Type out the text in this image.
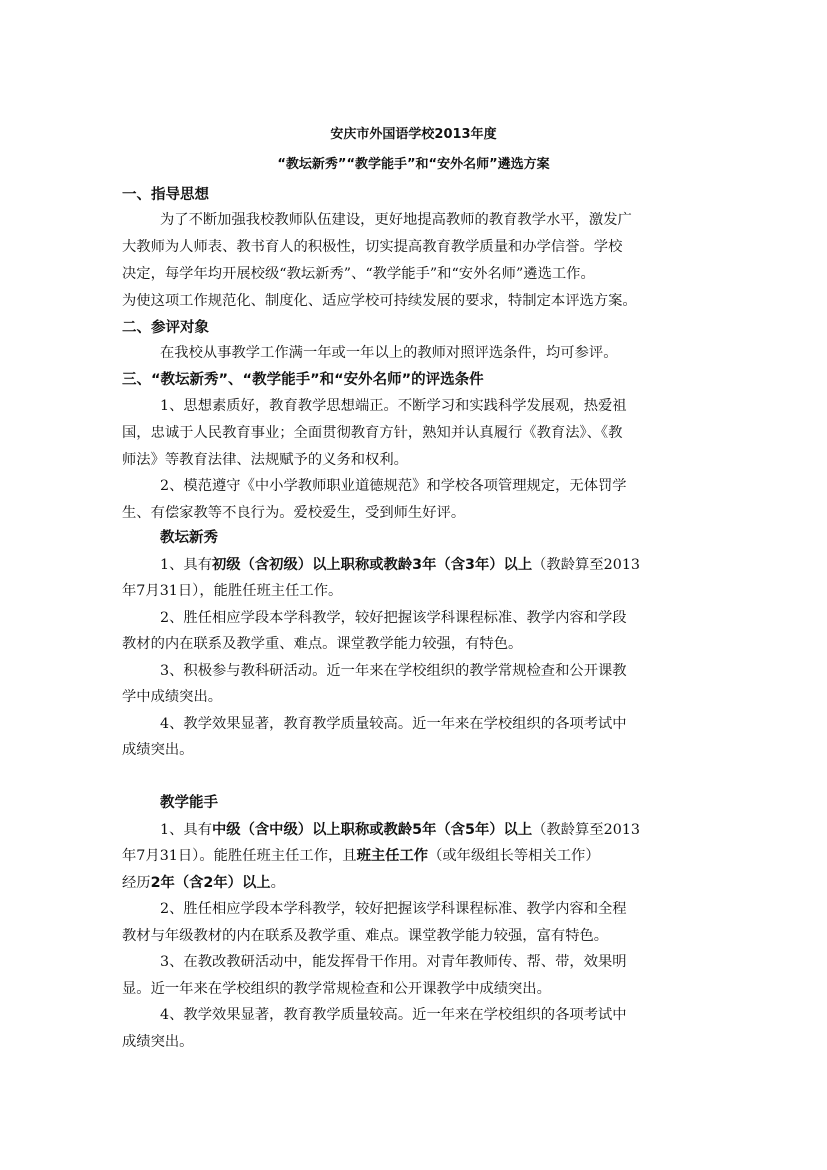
安庆市外国语学校2013年度
“教坛新秀”“教学能手”和“安外名师”遴选方案
一、指导思想
为了不断加强我校教师队伍建设，更好地提高教师的教育教学水平，激发广
大教师为人师表、教书育人的积极性，切实提高教育教学质量和办学信誉。学校
决定，每学年均开展校级“教坛新秀”、“教学能手”和“安外名师”遴选工作。
为使这项工作规范化、制度化、适应学校可持续发展的要求，特制定本评选方案。
二、参评对象
在我校从事教学工作满一年或一年以上的教师对照评选条件，均可参评。
三、“教坛新秀”、“教学能手”和“安外名师”的评选条件
1、思想素质好，教育教学思想端正。不断学习和实践科学发展观，热爱祖
国，忠诚于人民教育事业；全面贯彻教育方针，熟知并认真履行《教育法》、《教
师法》等教育法律、法规赋予的义务和权利。
2、模范遵守《中小学教师职业道德规范》和学校各项管理规定，无体罚学
生、有偿家教等不良行为。爱校爱生，受到师生好评。
教坛新秀
1、具有初级（含初级）以上职称或教龄3年（含3年）以上（教龄算至2013
年7月31日），能胜任班主任工作。
2、胜任相应学段本学科教学，较好把握该学科课程标准、教学内容和学段
教材的内在联系及教学重、难点。课堂教学能力较强，有特色。
3、积极参与教科研活动。近一年来在学校组织的教学常规检查和公开课教
学中成绩突出。
4、教学效果显著，教育教学质量较高。近一年来在学校组织的各项考试中
成绩突出。
教学能手
1、具有中级（含中级）以上职称或教龄5年（含5年）以上（教龄算至2013
年7月31日）。能胜任班主任工作，且班主任工作（或年级组长等相关工作）
经历2年（含2年）以上。
2、胜任相应学段本学科教学，较好把握该学科课程标准、教学内容和全程
教材与年级教材的内在联系及教学重、难点。课堂教学能力较强，富有特色。
3、在教改教研活动中，能发挥骨干作用。对青年教师传、帮、带，效果明
显。近一年来在学校组织的教学常规检查和公开课教学中成绩突出。
4、教学效果显著，教育教学质量较高。近一年来在学校组织的各项考试中
成绩突出。
